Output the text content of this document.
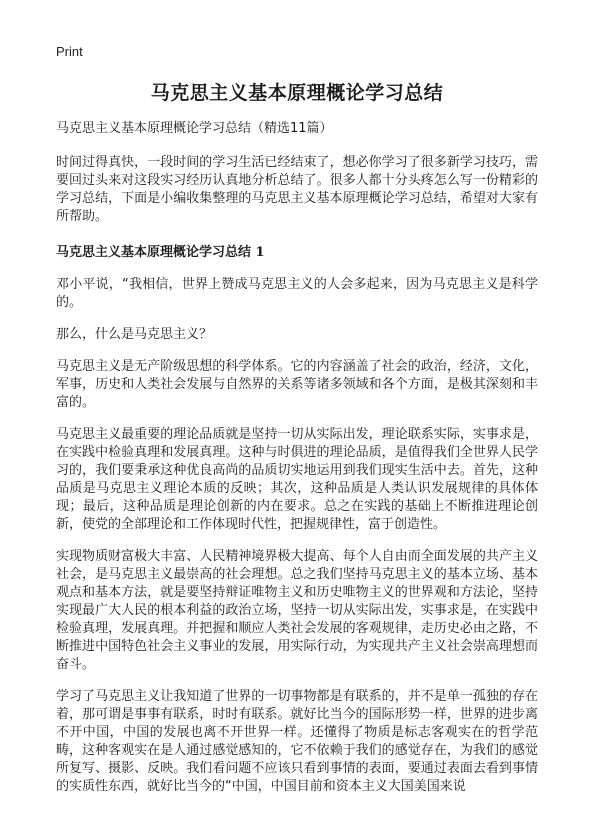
Print
马克思主义基本原理概论学习总结

马克思主义基本原理概论学习总结（精选11篇）

时间过得真快，一段时间的学习生活已经结束了，想必你学习了很多新学习技巧，需要回过头来对这段实习经历认真地分析总结了。很多人都十分头疼怎么写一份精彩的学习总结，下面是小编收集整理的马克思主义基本原理概论学习总结，希望对大家有所帮助。

马克思主义基本原理概论学习总结 1

邓小平说，“我相信，世界上赞成马克思主义的人会多起来，因为马克思主义是科学的。

那么，什么是马克思主义？

马克思主义是无产阶级思想的科学体系。它的内容涵盖了社会的政治，经济，文化，军事，历史和人类社会发展与自然界的关系等诸多领域和各个方面，是极其深刻和丰富的。

马克思主义最重要的理论品质就是坚持一切从实际出发，理论联系实际，实事求是，在实践中检验真理和发展真理。这种与时俱进的理论品质，是值得我们全世界人民学习的，我们要秉承这种优良高尚的品质切实地运用到我们现实生活中去。首先，这种品质是马克思主义理论本质的反映；其次，这种品质是人类认识发展规律的具体体现；最后，这种品质是理论创新的内在要求。总之在实践的基础上不断推进理论创新，使党的全部理论和工作体现时代性，把握规律性，富于创造性。

实现物质财富极大丰富、人民精神境界极大提高、每个人自由而全面发展的共产主义社会，是马克思主义最崇高的社会理想。总之我们坚持马克思主义的基本立场、基本观点和基本方法，就是要坚持辩证唯物主义和历史唯物主义的世界观和方法论，坚持实现最广大人民的根本利益的政治立场，坚持一切从实际出发，实事求是，在实践中检验真理，发展真理。并把握和顺应人类社会发展的客观规律，走历史必由之路，不断推进中国特色社会主义事业的发展，用实际行动，为实现共产主义社会崇高理想而奋斗。

学习了马克思主义让我知道了世界的一切事物都是有联系的，并不是单一孤独的存在着，那可谓是事事有联系，时时有联系。就好比当今的国际形势一样，世界的进步离不开中国，中国的发展也离不开世界一样。还懂得了物质是标志客观实在的哲学范畴，这种客观实在是人通过感觉感知的，它不依赖于我们的感觉存在，为我们的感觉所复写、摄影、反映。我们看问题不应该只看到事情的表面，要通过表面去看到事情的实质性东西，就好比当今的“中国，中国目前和资本主义大国美国来说
